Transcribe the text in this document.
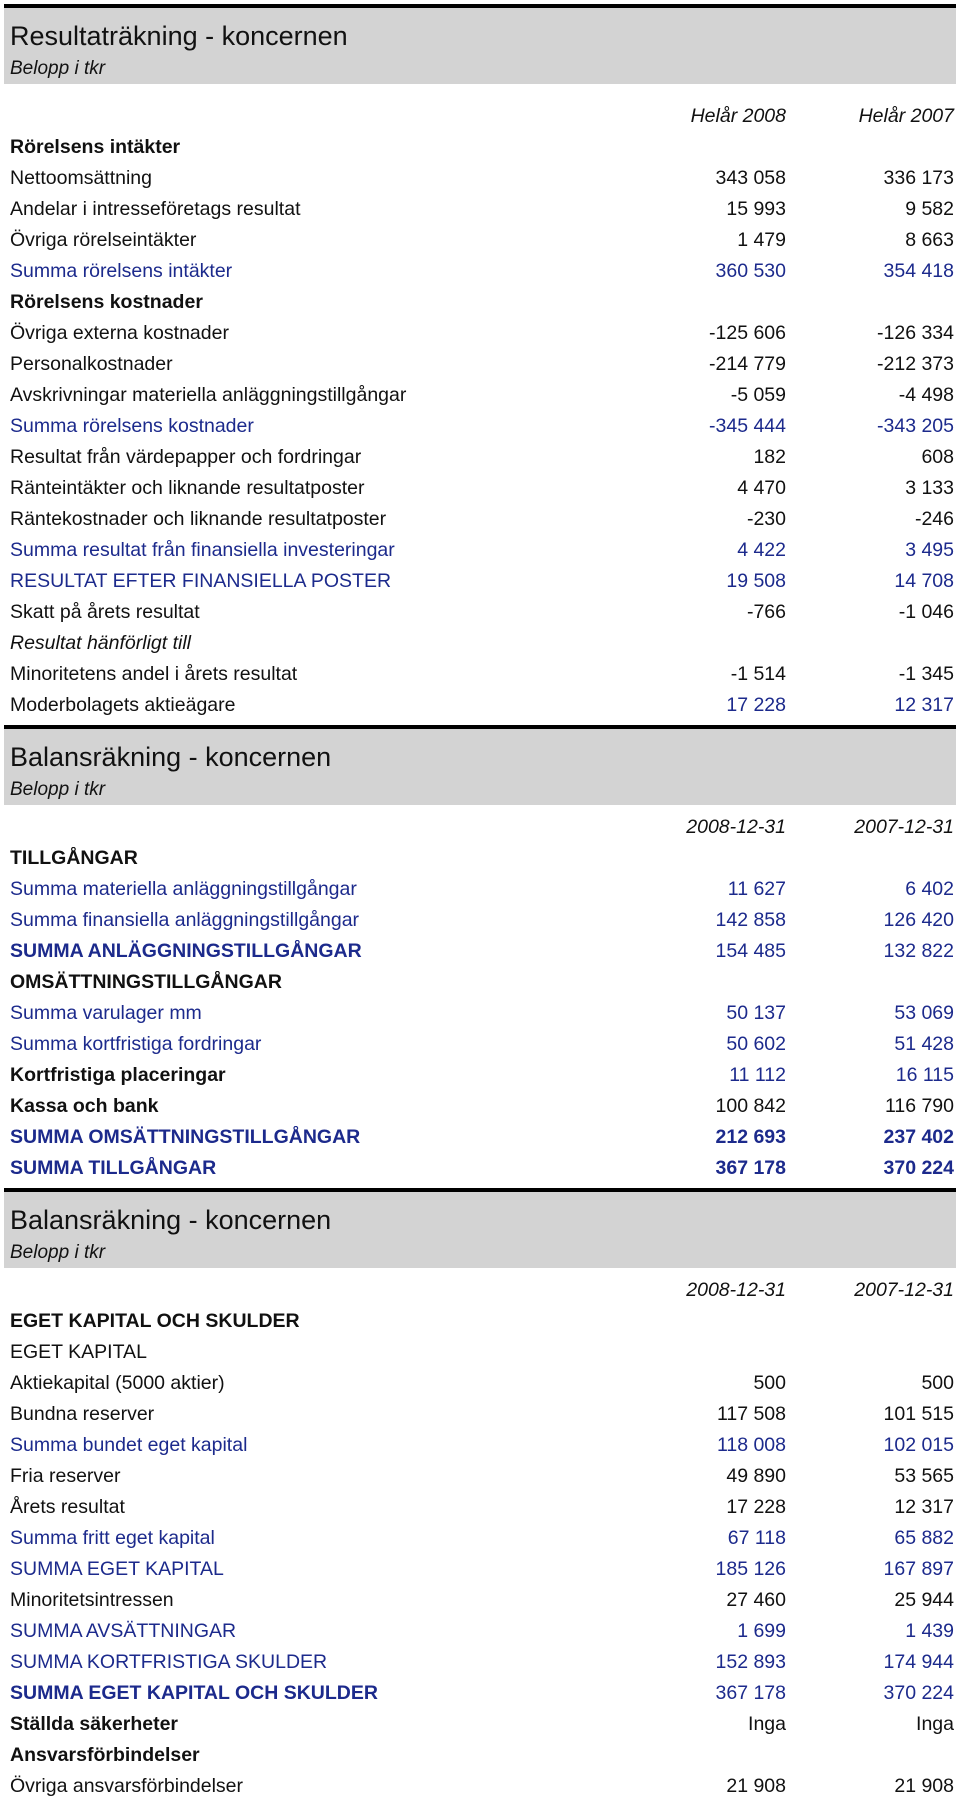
Resultaträkning - koncernen
Belopp i tkr
Helår 2008	Helår 2007
Rörelsens intäkter
Nettoomsättning	343 058	336 173
Andelar i intresseföretags resultat	15 993	9 582
Övriga rörelseintäkter	1 479	8 663
Summa rörelsens intäkter	360 530	354 418
Rörelsens kostnader
Övriga externa kostnader	-125 606	-126 334
Personalkostnader	-214 779	-212 373
Avskrivningar materiella anläggningstillgångar	-5 059	-4 498
Summa rörelsens kostnader	-345 444	-343 205
Resultat från värdepapper och fordringar	182	608
Ränteintäkter och liknande resultatposter	4 470	3 133
Räntekostnader och liknande resultatposter	-230	-246
Summa resultat från finansiella investeringar	4 422	3 495
RESULTAT EFTER FINANSIELLA POSTER	19 508	14 708
Skatt på årets resultat	-766	-1 046
Resultat hänförligt till
Minoritetens andel i årets resultat	-1 514	-1 345
Moderbolagets aktieägare	17 228	12 317
Balansräkning - koncernen
Belopp i tkr
2008-12-31	2007-12-31
TILLGÅNGAR
Summa materiella anläggningstillgångar	11 627	6 402
Summa finansiella anläggningstillgångar	142 858	126 420
SUMMA ANLÄGGNINGSTILLGÅNGAR	154 485	132 822
OMSÄTTNINGSTILLGÅNGAR
Summa varulager mm	50 137	53 069
Summa kortfristiga fordringar	50 602	51 428
Kortfristiga placeringar	11 112	16 115
Kassa och bank	100 842	116 790
SUMMA OMSÄTTNINGSTILLGÅNGAR	212 693	237 402
SUMMA TILLGÅNGAR	367 178	370 224
Balansräkning - koncernen
Belopp i tkr
2008-12-31	2007-12-31
EGET KAPITAL OCH SKULDER
EGET KAPITAL
Aktiekapital (5000 aktier)	500	500
Bundna reserver	117 508	101 515
Summa bundet eget kapital	118 008	102 015
Fria reserver	49 890	53 565
Årets resultat	17 228	12 317
Summa fritt eget kapital	67 118	65 882
SUMMA EGET KAPITAL	185 126	167 897
Minoritetsintressen	27 460	25 944
SUMMA AVSÄTTNINGAR	1 699	1 439
SUMMA KORTFRISTIGA SKULDER	152 893	174 944
SUMMA EGET KAPITAL OCH SKULDER	367 178	370 224
Ställda säkerheter	Inga	Inga
Ansvarsförbindelser
Övriga ansvarsförbindelser	21 908	21 908
